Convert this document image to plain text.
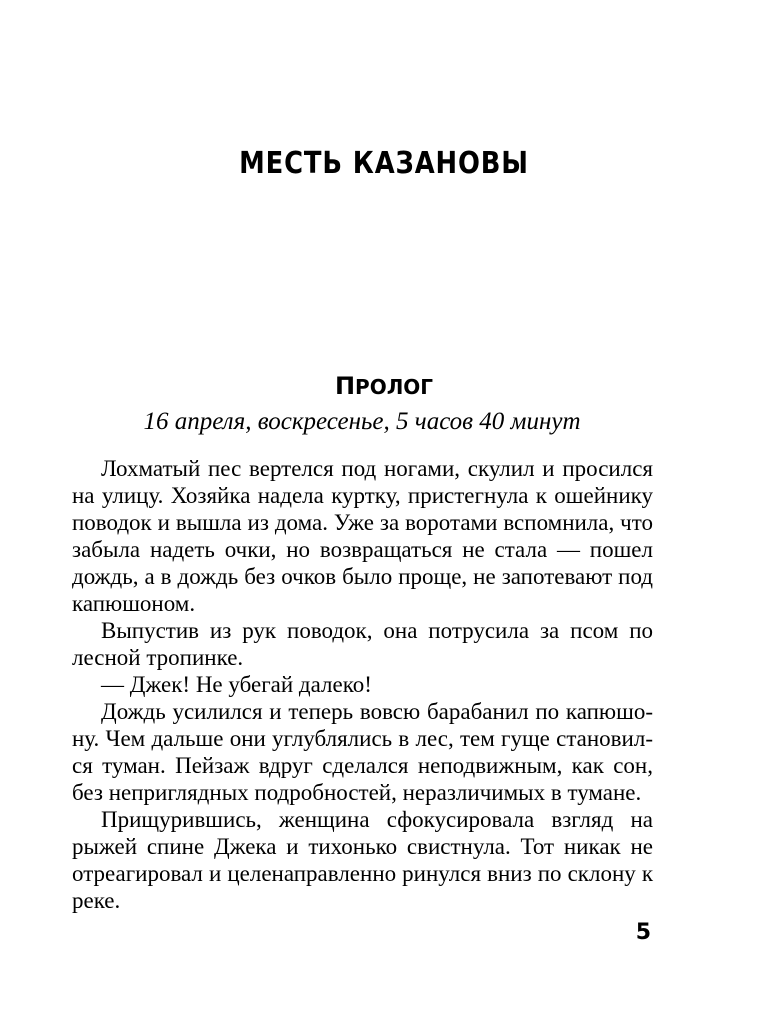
МЕСТЬ КАЗАНОВЫ
ПРОЛОГ
16 апреля, воскресенье, 5 часов 40 минут

Лохматый пес вертелся под ногами, скулил и просился на улицу. Хозяйка надела куртку, пристегнула к ошейнику поводок и вышла из дома. Уже за воротами вспомнила, что забыла надеть очки, но возвращаться не стала — пошел дождь, а в дождь без очков было проще, не запотевают под капюшоном.

Выпустив из рук поводок, она потрусила за псом по лесной тропинке.

— Джек! Не убегай далеко!

Дождь усилился и теперь вовсю барабанил по капюшону. Чем дальше они углублялись в лес, тем гуще становился туман. Пейзаж вдруг сделался неподвижным, как сон, без неприглядных подробностей, неразличимых в тумане.

Прищурившись, женщина сфокусировала взгляд на рыжей спине Джека и тихонько свистнула. Тот никак не отреагировал и целенаправленно ринулся вниз по склону к реке.

5
